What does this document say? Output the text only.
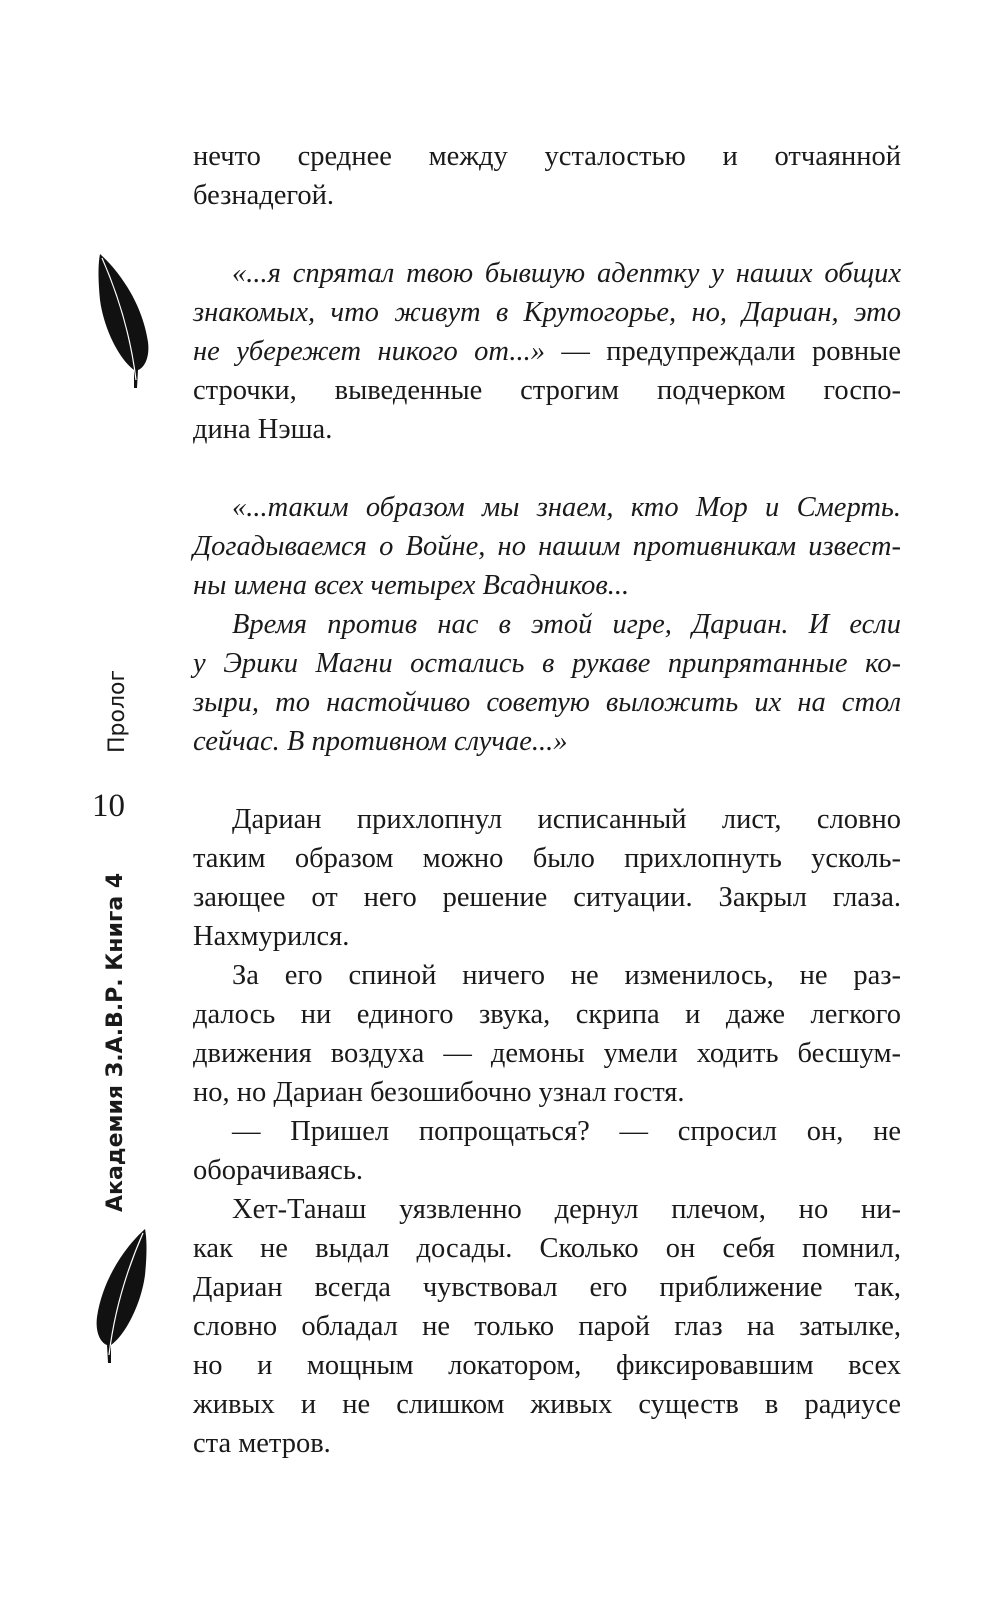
Пролог
10
Академия З.А.В.Р. Книга 4
нечто среднее между усталостью и отчаянной
безнадегой.
«...я спрятал твою бывшую адептку у наших общих
знакомых, что живут в Крутогорье, но, Дариан, это
не убережет никого от...» — предупреждали ровные
строчки, выведенные строгим подчерком госпо-
дина Нэша.
«...таким образом мы знаем, кто Мор и Смерть.
Догадываемся о Войне, но нашим противникам извест-
ны имена всех четырех Всадников...
Время против нас в этой игре, Дариан. И если
у Эрики Магни остались в рукаве припрятанные ко-
зыри, то настойчиво советую выложить их на стол
сейчас. В противном случае...»
Дариан прихлопнул исписанный лист, словно
таким образом можно было прихлопнуть усколь-
зающее от него решение ситуации. Закрыл глаза.
Нахмурился.
За его спиной ничего не изменилось, не раз-
далось ни единого звука, скрипа и даже легкого
движения воздуха — демоны умели ходить бесшум-
но, но Дариан безошибочно узнал гостя.
— Пришел попрощаться? — спросил он, не
оборачиваясь.
Хет-Танаш уязвленно дернул плечом, но ни-
как не выдал досады. Сколько он себя помнил,
Дариан всегда чувствовал его приближение так,
словно обладал не только парой глаз на затылке,
но и мощным локатором, фиксировавшим всех
живых и не слишком живых существ в радиусе
ста метров.
